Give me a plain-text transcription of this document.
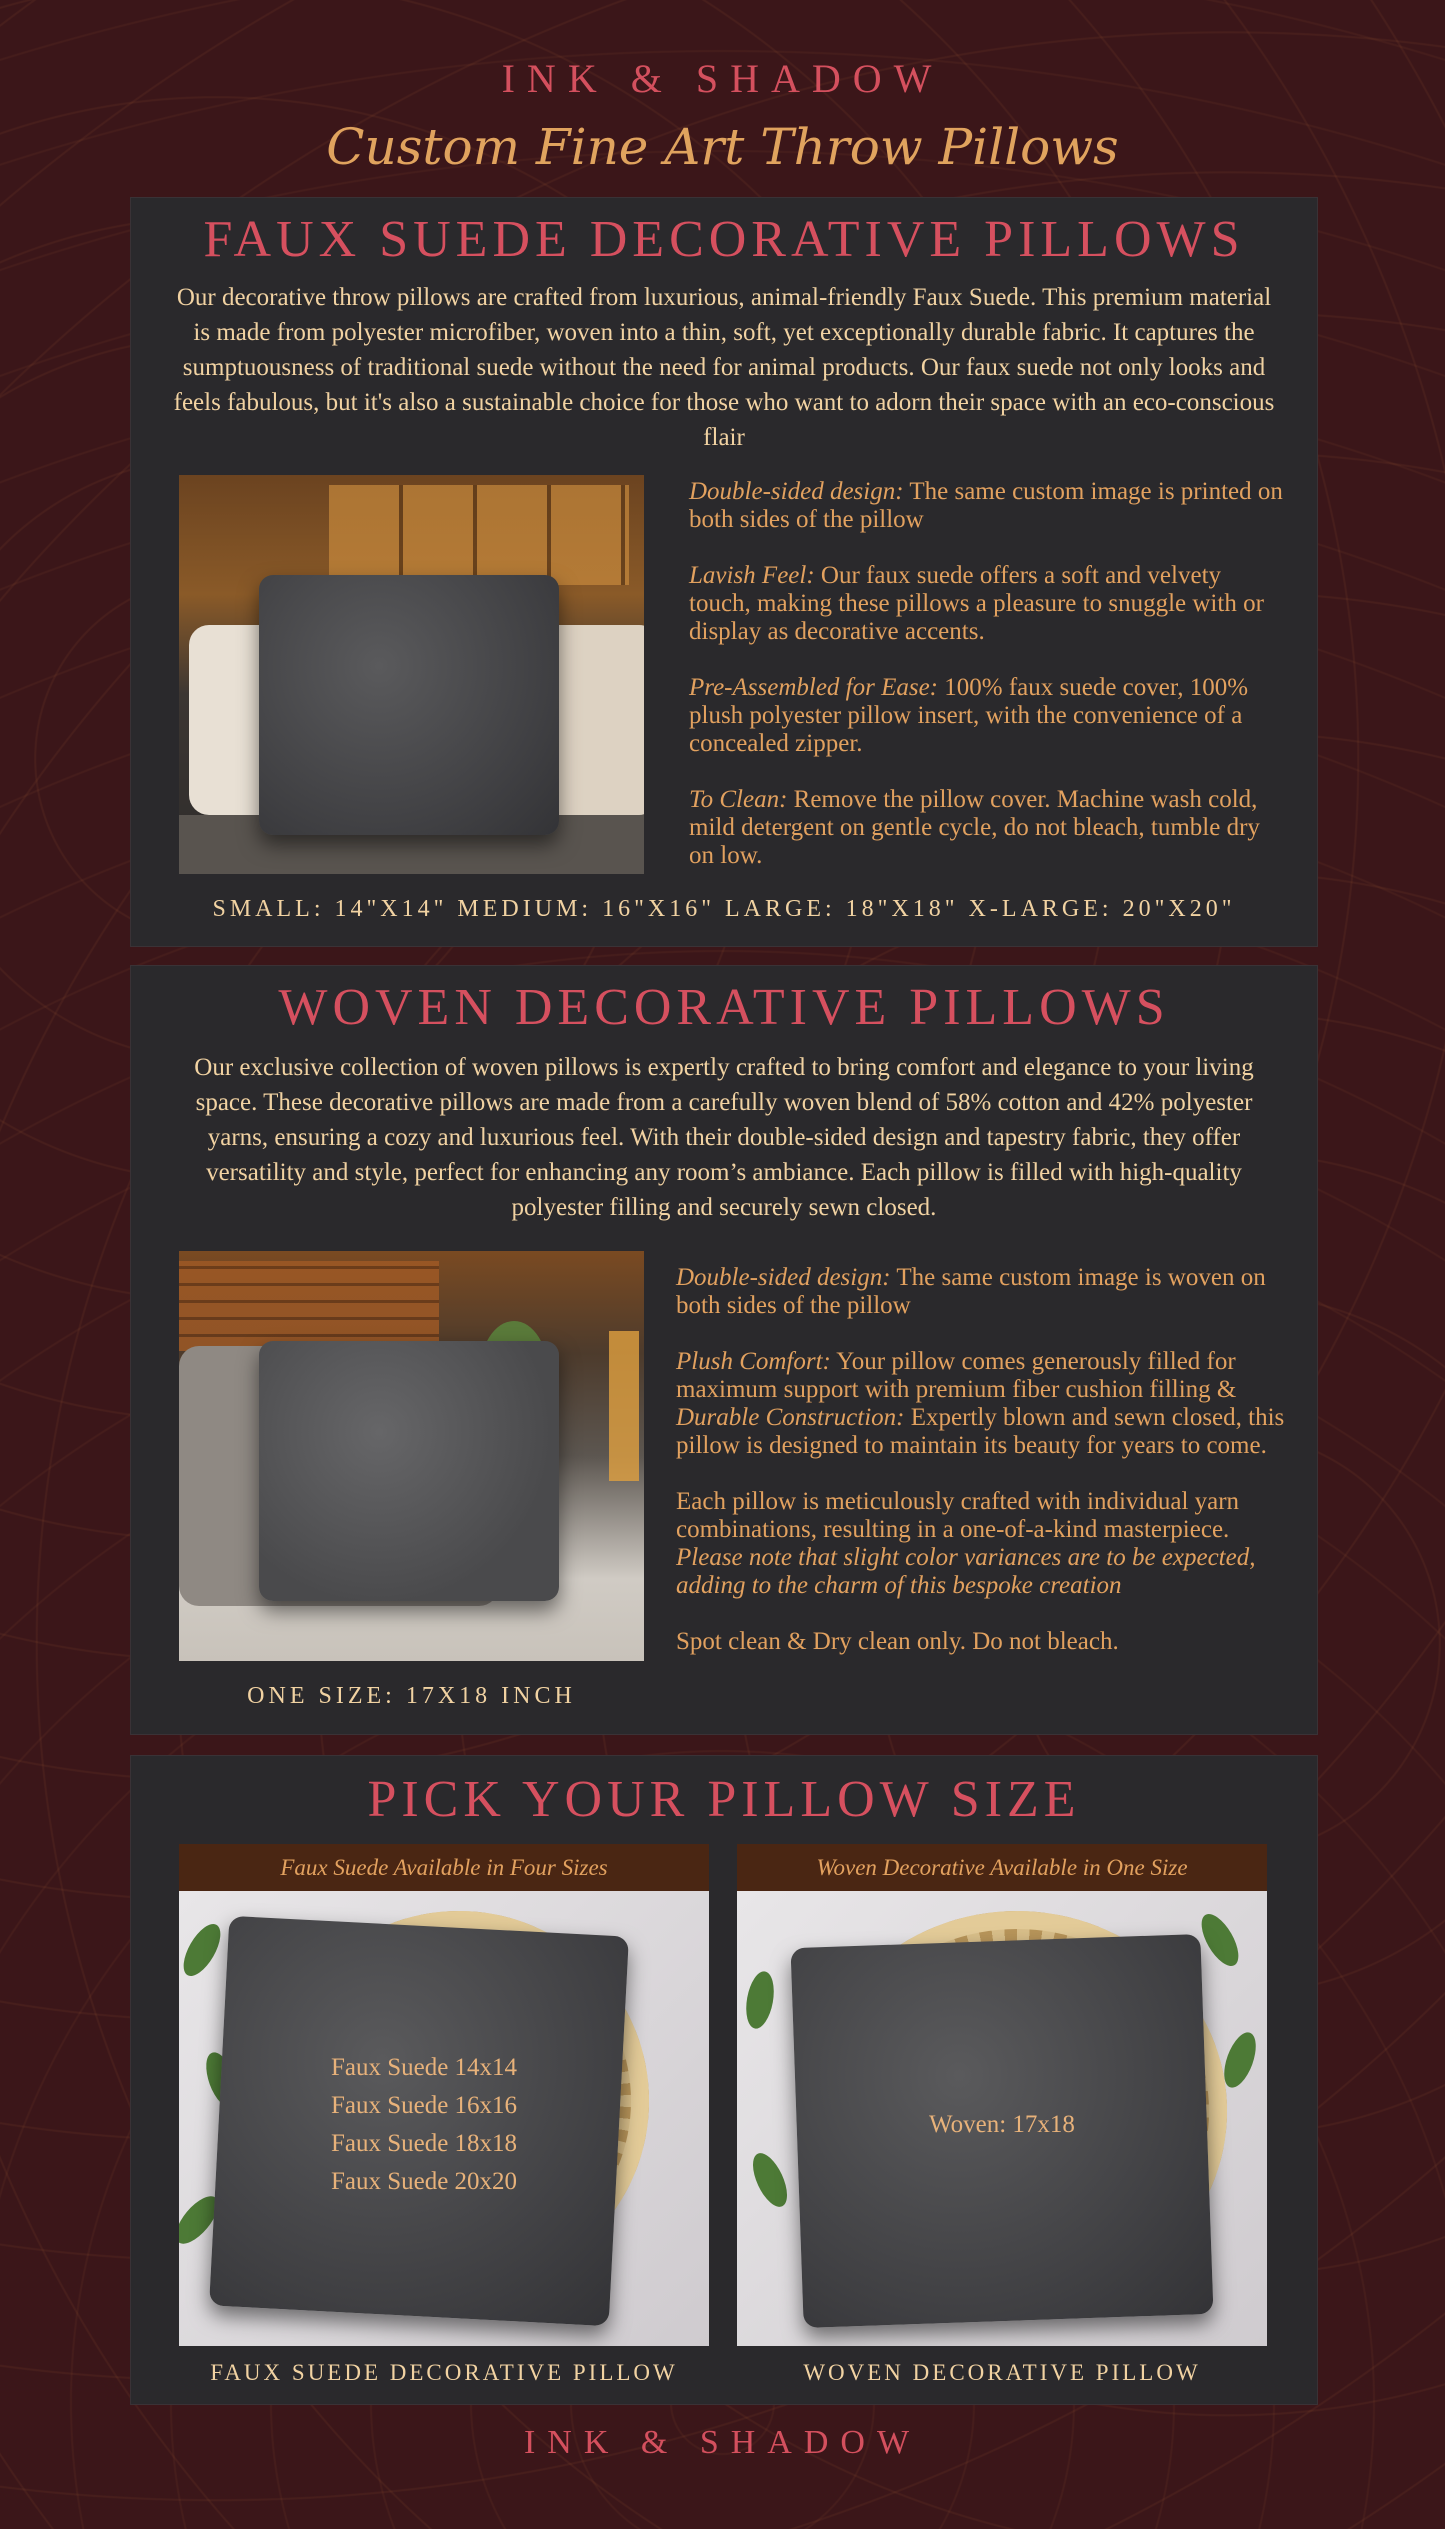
INK & SHADOW
Custom Fine Art Throw Pillows
FAUX SUEDE DECORATIVE PILLOWS
Our decorative throw pillows are crafted from luxurious, animal-friendly Faux Suede. This premium material is made from polyester microfiber, woven into a thin, soft, yet exceptionally durable fabric. It captures the sumptuousness of traditional suede without the need for animal products. Our faux suede not only looks and feels fabulous, but it's also a sustainable choice for those who want to adorn their space with an eco-conscious flair

Double-sided design: The same custom image is printed on both sides of the pillow

Lavish Feel: Our faux suede offers a soft and velvety touch, making these pillows a pleasure to snuggle with or display as decorative accents.

Pre-Assembled for Ease: 100% faux suede cover, 100% plush polyester pillow insert, with the convenience of a concealed zipper.

To Clean: Remove the pillow cover. Machine wash cold, mild detergent on gentle cycle, do not bleach, tumble dry on low.

SMALL: 14"X14" MEDIUM: 16"X16" LARGE: 18"X18" X-LARGE: 20"X20"
WOVEN DECORATIVE PILLOWS
Our exclusive collection of woven pillows is expertly crafted to bring comfort and elegance to your living space. These decorative pillows are made from a carefully woven blend of 58% cotton and 42% polyester yarns, ensuring a cozy and luxurious feel. With their double-sided design and tapestry fabric, they offer versatility and style, perfect for enhancing any room’s ambiance. Each pillow is filled with high-quality polyester filling and securely sewn closed.

Double-sided design: The same custom image is woven on both sides of the pillow

Plush Comfort: Your pillow comes generously filled for maximum support with premium fiber cushion filling & Durable Construction: Expertly blown and sewn closed, this pillow is designed to maintain its beauty for years to come.

Each pillow is meticulously crafted with individual yarn combinations, resulting in a one-of-a-kind masterpiece. Please note that slight color variances are to be expected, adding to the charm of this bespoke creation

Spot clean & Dry clean only. Do not bleach.

ONE SIZE: 17X18 INCH
PICK YOUR PILLOW SIZE
Faux Suede Available in Four Sizes
Faux Suede 14x14
Faux Suede 16x16
Faux Suede 18x18
Faux Suede 20x20
FAUX SUEDE DECORATIVE PILLOW
Woven Decorative Available in One Size
Woven: 17x18
WOVEN DECORATIVE PILLOW
INK & SHADOW
